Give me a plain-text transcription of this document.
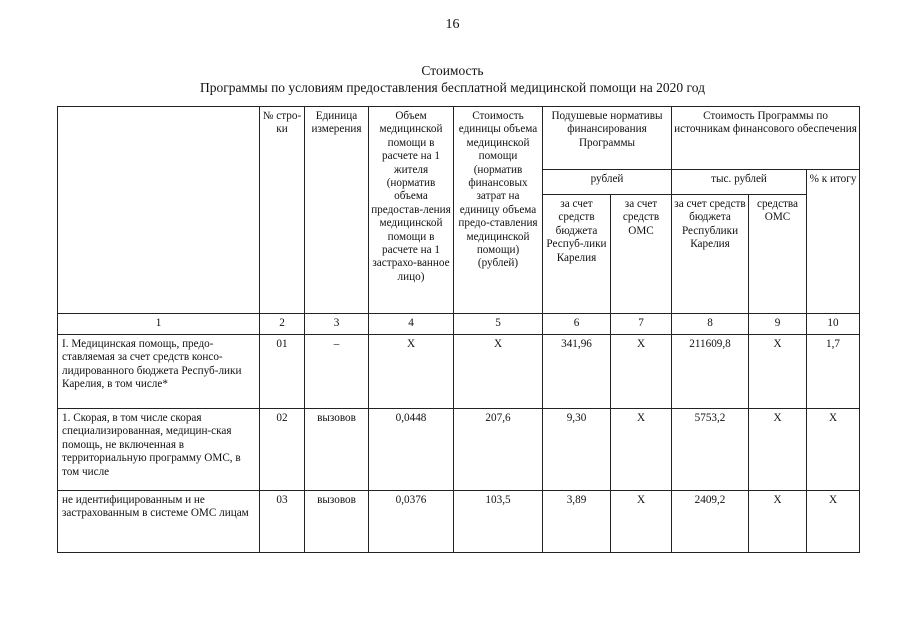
16
Стоимость
Программы по условиям предоставления бесплатной медицинской помощи на 2020 год
	№ стро-ки	Единица измерения	Объем медицинской помощи в расчете на 1 жителя (норматив объема предостав-ления медицинской помощи в расчете на 1 застрахо-ванное лицо)	Стоимость единицы объема медицинской помощи (норматив финансовых затрат на единицу объема предо-ставления медицинской помощи) (рублей)	Подушевые нормативы финансирования Программы		Стоимость Программы по источникам финансового обеспечения		
					рублей		тыс. рублей		% к итогу
					за счет средств бюджета Респуб-лики Карелия	за счет средств ОМС	за счет средств бюджета Республики Карелия	средства ОМС	
1	2	3	4	5	6	7	8	9	10
I. Медицинская помощь, предо-ставляемая за счет средств консо-лидированного бюджета Респуб-лики Карелия, в том числе*	01	–	X	X	341,96	X	211609,8	X	1,7
1. Скорая, в том числе скорая специализированная, медицин-ская помощь, не включенная в территориальную программу ОМС, в том числе	02	вызовов	0,0448	207,6	9,30	X	5753,2	X	X
не идентифицированным и не застрахованным в системе ОМС лицам	03	вызовов	0,0376	103,5	3,89	X	2409,2	X	X
